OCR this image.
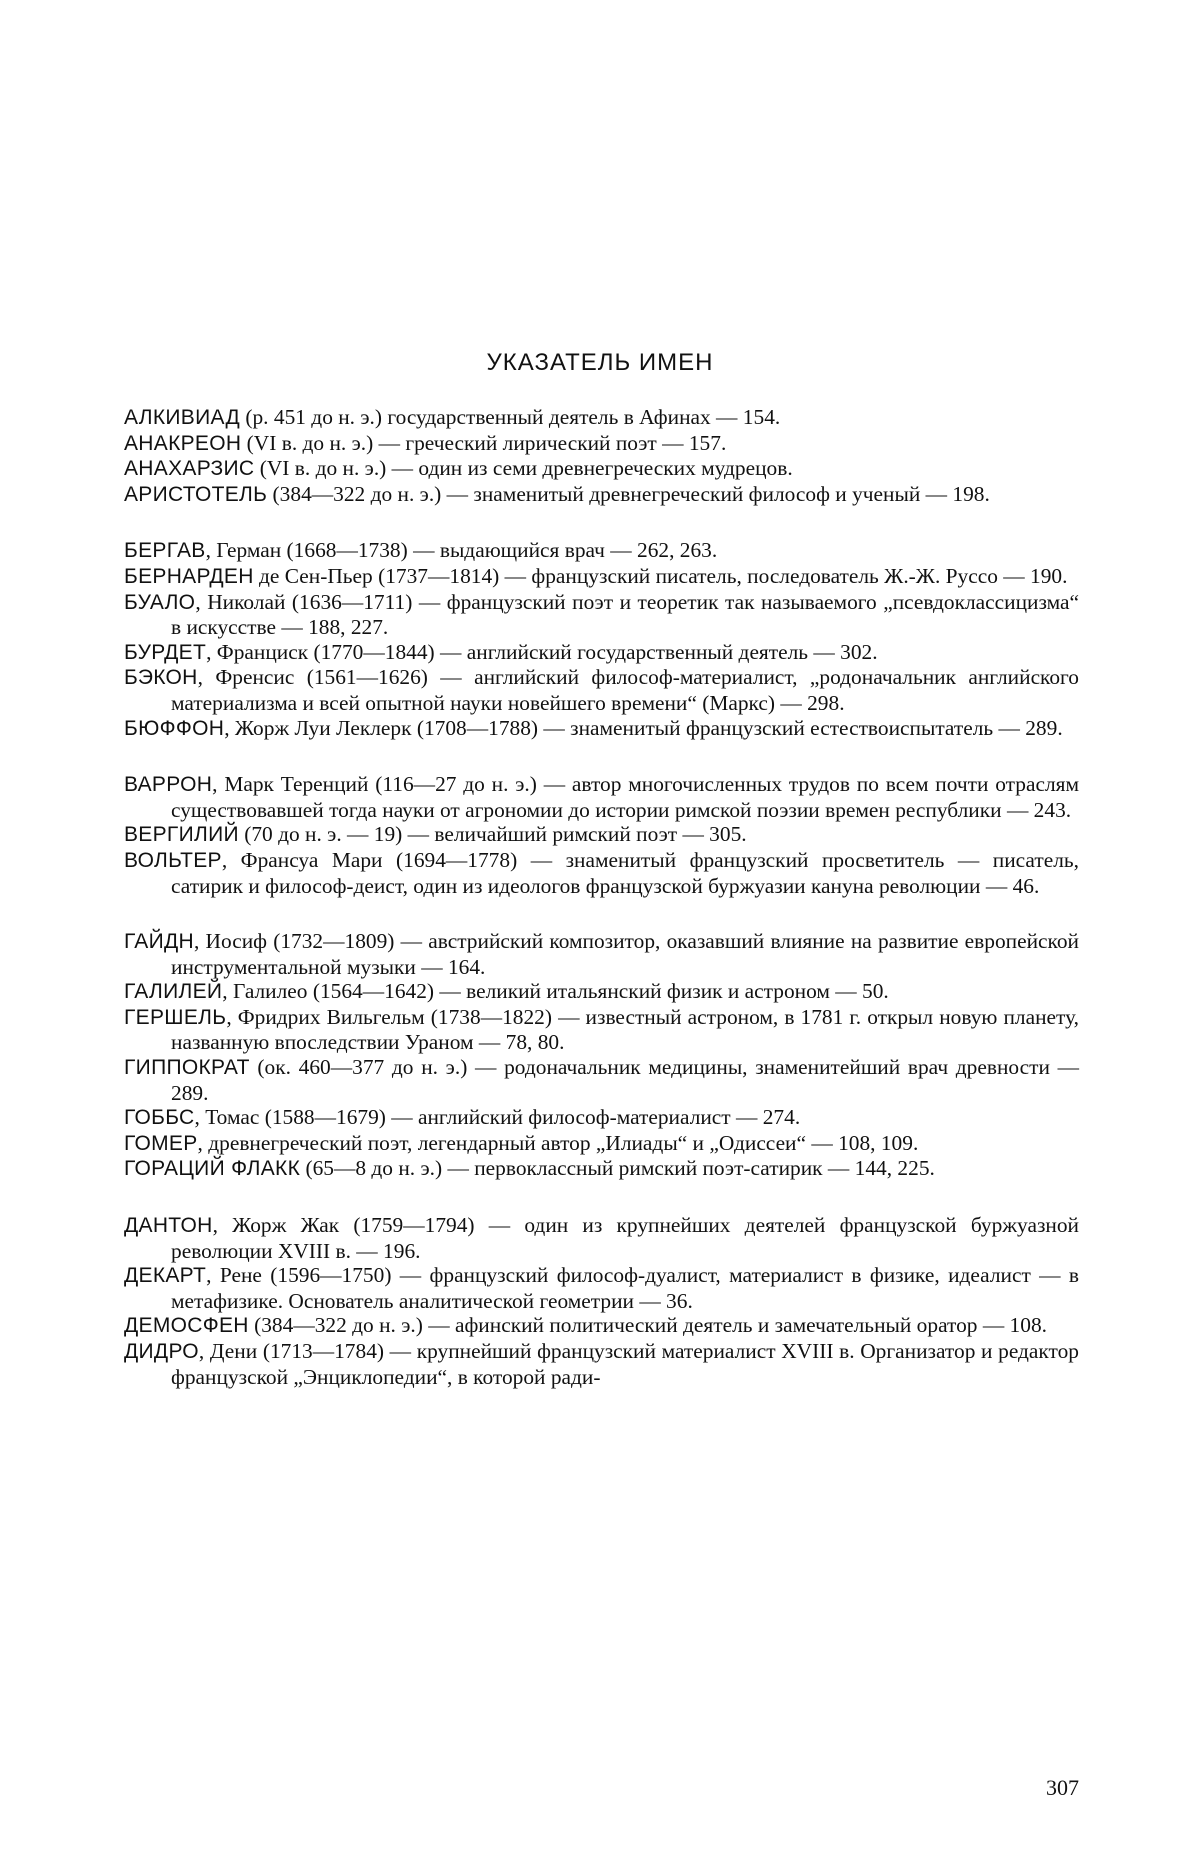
УКАЗАТЕЛЬ ИМЕН

АЛКИВИАД (р. 451 до н. э.) государственный деятель в Афинах — 154.

АНАКРЕОН (VI в. до н. э.) — греческий лирический поэт — 157.

АНАХАРЗИС (VI в. до н. э.) — один из семи древнегреческих мудрецов.

АРИСТОТЕЛЬ (384—322 до н. э.) — знаменитый древнегреческий философ и ученый — 198.

БЕРГАВ, Герман (1668—1738) — выдающийся врач — 262, 263.

БЕРНАРДЕН де Сен-Пьер (1737—1814) — французский писатель, последователь Ж.-Ж. Руссо — 190.

БУАЛО, Николай (1636—1711) — французский поэт и теоретик так называемого „псевдоклассицизма“ в искусстве — 188, 227.

БУРДЕТ, Франциск (1770—1844) — английский государственный деятель — 302.

БЭКОН, Френсис (1561—1626) — английский философ-материалист, „родоначальник английского материализма и всей опытной науки новейшего времени“ (Маркс) — 298.

БЮФФОН, Жорж Луи Леклерк (1708—1788) — знаменитый французский естествоиспытатель — 289.

ВАРРОН, Марк Теренций (116—27 до н. э.) — автор многочисленных трудов по всем почти отраслям существовавшей тогда науки от агрономии до истории римской поэзии времен республики — 243.

ВЕРГИЛИЙ (70 до н. э. — 19) — величайший римский поэт — 305.

ВОЛЬТЕР, Франсуа Мари (1694—1778) — знаменитый французский просветитель — писатель, сатирик и философ-деист, один из идеологов французской буржуазии кануна революции — 46.

ГАЙДН, Иосиф (1732—1809) — австрийский композитор, оказавший влияние на развитие европейской инструментальной музыки — 164.

ГАЛИЛЕЙ, Галилео (1564—1642) — великий итальянский физик и астроном — 50.

ГЕРШЕЛЬ, Фридрих Вильгельм (1738—1822) — известный астроном, в 1781 г. открыл новую планету, названную впоследствии Ураном — 78, 80.

ГИППОКРАТ (ок. 460—377 до н. э.) — родоначальник медицины, знаменитейший врач древности — 289.

ГОББС, Томас (1588—1679) — английский философ-материалист — 274.

ГОМЕР, древнегреческий поэт, легендарный автор „Илиады“ и „Одиссеи“ — 108, 109.

ГОРАЦИЙ ФЛАКК (65—8 до н. э.) — первоклассный римский поэт-сатирик — 144, 225.

ДАНТОН, Жорж Жак (1759—1794) — один из крупнейших деятелей французской буржуазной революции XVIII в. — 196.

ДЕКАРТ, Рене (1596—1750) — французский философ-дуалист, материалист в физике, идеалист — в метафизике. Основатель аналитической геометрии — 36.

ДЕМОСФЕН (384—322 до н. э.) — афинский политический деятель и замечательный оратор — 108.

ДИДРО, Дени (1713—1784) — крупнейший французский материалист XVIII в. Организатор и редактор французской „Энциклопедии“, в которой ради-

307
